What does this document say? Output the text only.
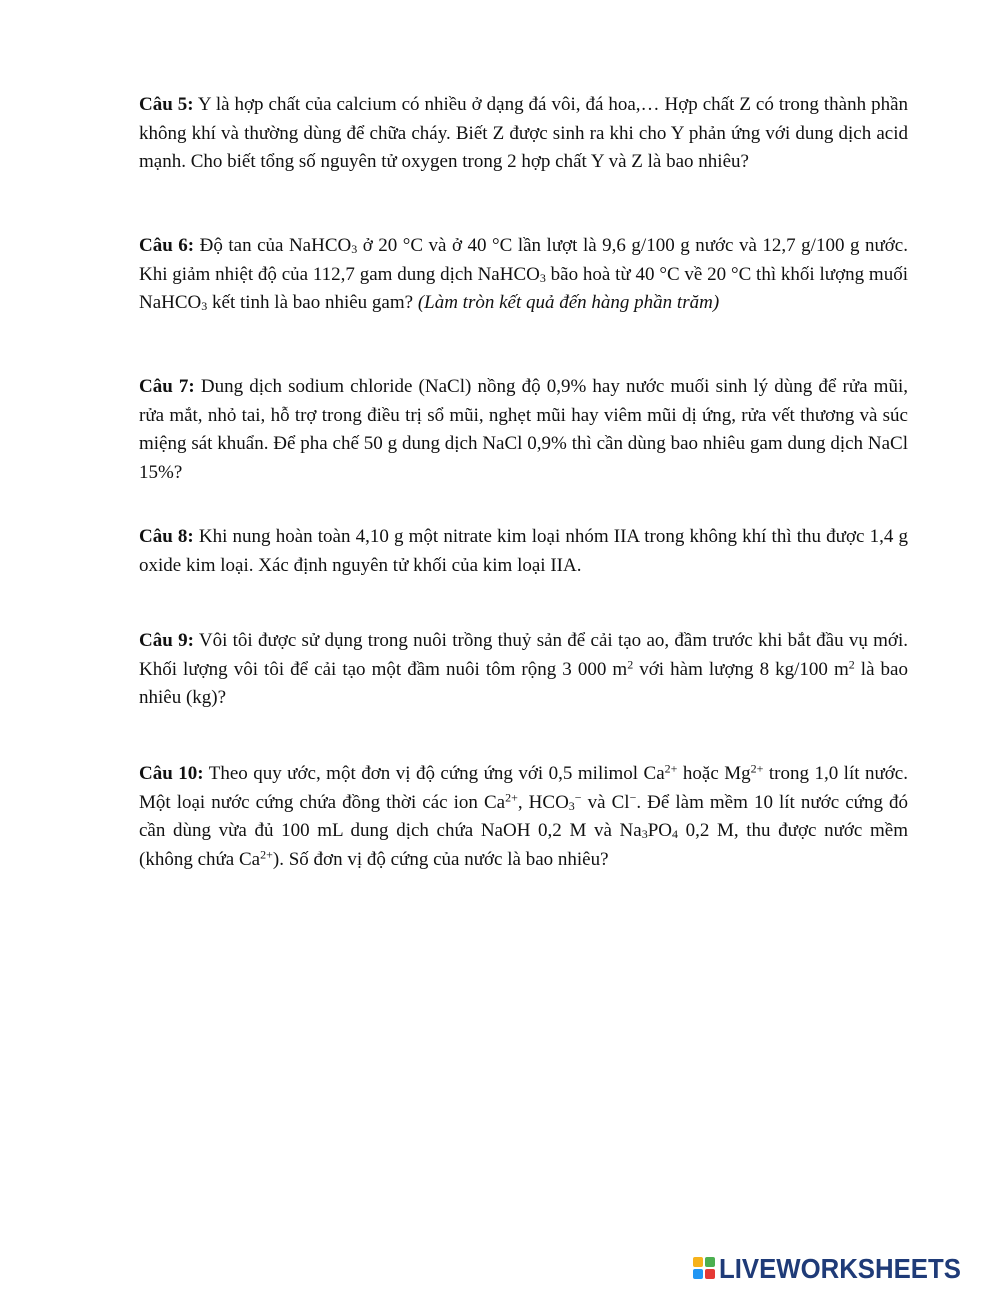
Câu 5: Y là hợp chất của calcium có nhiều ở dạng đá vôi, đá hoa,… Hợp chất Z có trong thành phần không khí và thường dùng để chữa cháy. Biết Z được sinh ra khi cho Y phản ứng với dung dịch acid mạnh. Cho biết tổng số nguyên tử oxygen trong 2 hợp chất Y và Z là bao nhiêu?

Câu 6: Độ tan của NaHCO$_3$ ở 20 °C và ở 40 °C lần lượt là 9,6 g/100 g nước và 12,7 g/100 g nước. Khi giảm nhiệt độ của 112,7 gam dung dịch NaHCO$_3$ bão hoà từ 40 °C về 20 °C thì khối lượng muối NaHCO$_3$ kết tinh là bao nhiêu gam? (Làm tròn kết quả đến hàng phần trăm)

Câu 7: Dung dịch sodium chloride (NaCl) nồng độ 0,9% hay nước muối sinh lý dùng để rửa mũi, rửa mắt, nhỏ tai, hỗ trợ trong điều trị sổ mũi, nghẹt mũi hay viêm mũi dị ứng, rửa vết thương và súc miệng sát khuẩn. Để pha chế 50 g dung dịch NaCl 0,9% thì cần dùng bao nhiêu gam dung dịch NaCl 15%?

Câu 8: Khi nung hoàn toàn 4,10 g một nitrate kim loại nhóm IIA trong không khí thì thu được 1,4 g oxide kim loại. Xác định nguyên tử khối của kim loại IIA.

Câu 9: Vôi tôi được sử dụng trong nuôi trồng thuỷ sản để cải tạo ao, đầm trước khi bắt đầu vụ mới. Khối lượng vôi tôi để cải tạo một đầm nuôi tôm rộng 3 000 $m^2$ với hàm lượng 8 kg/100 $m^2$ là bao nhiêu (kg)?

Câu 10: Theo quy ước, một đơn vị độ cứng ứng với 0,5 milimol $Ca^{2+}$ hoặc $Mg^{2+}$ trong 1,0 lít nước. Một loại nước cứng chứa đồng thời các ion $Ca^{2+}$, $HCO_3^-$ và Cl−. Để làm mềm 10 lít nước cứng đó cần dùng vừa đủ 100 mL dung dịch chứa NaOH 0,2 M và $Na_3PO_4$ 0,2 M, thu được nước mềm (không chứa $Ca^{2+}$). Số đơn vị độ cứng của nước là bao nhiêu?

LIVEWORKSHEETS
